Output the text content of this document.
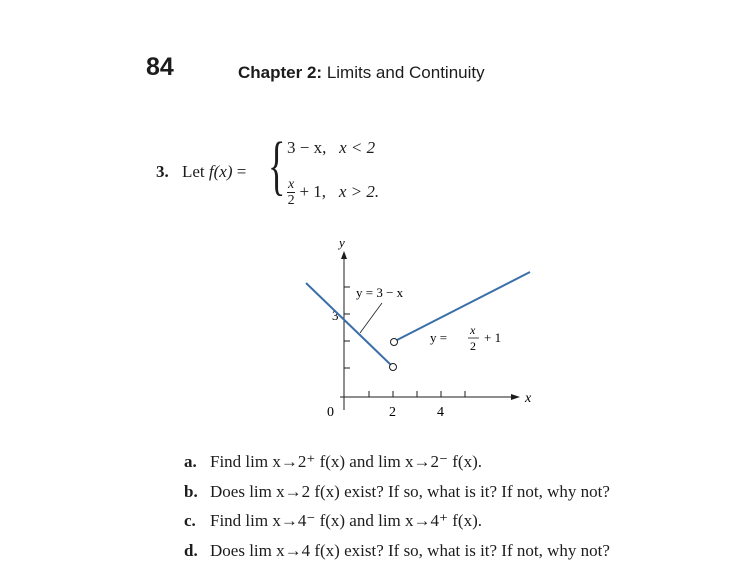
84	Chapter 2: Limits and Continuity
3. Let f(x) = { 3 − x, x < 2
$\frac{x}{2} + 1$, x > 2.
y
x
0	2	4
3
y = 3 − x
y = x
2
+ 1
a. Find lim x→2⁺ f(x) and lim x→2⁻ f(x).
b. Does lim x→2 f(x) exist? If so, what is it? If not, why not?
c. Find lim x→4⁻ f(x) and lim x→4⁺ f(x).
d. Does lim x→4 f(x) exist? If so, what is it? If not, why not?
